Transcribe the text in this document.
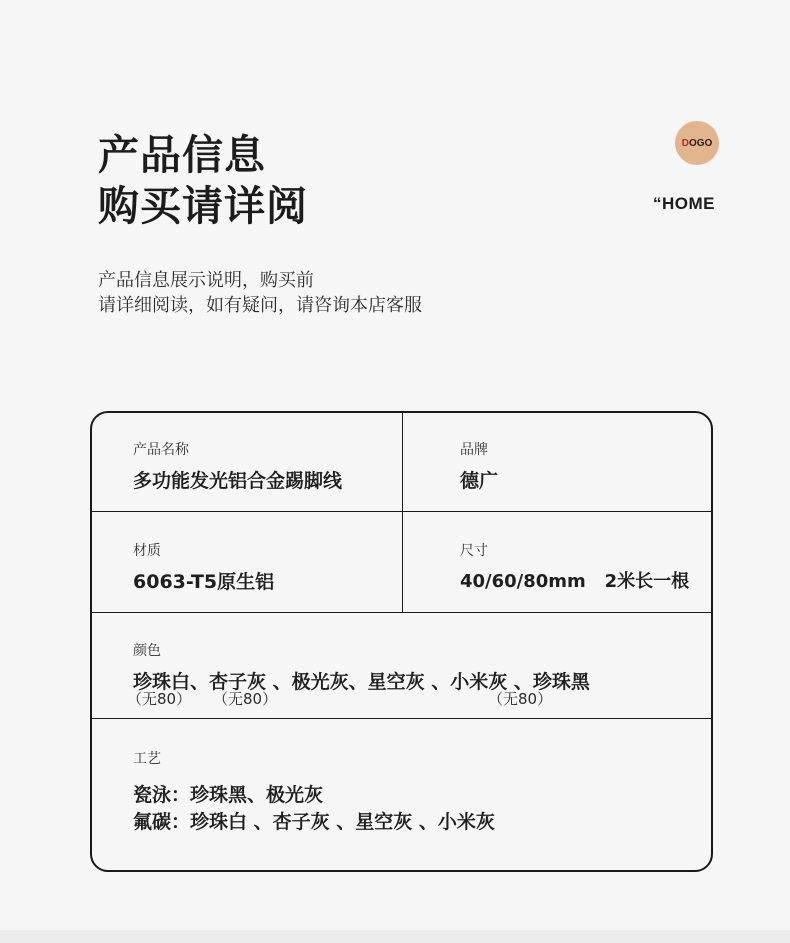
产品信息
购买请详阅
D OGO
“HOME
产品信息展示说明，购买前
请详细阅读，如有疑问，请咨询本店客服
产品名称
多功能发光铝合金踢脚线
品牌
德广
材质
6063-T5原生铝
尺寸
40/60/80mm   2米长一根
颜色
珍珠白、杏子灰 、极光灰、星空灰 、小米灰 、珍珠黑
（无80） （无80）	（无80）
工艺
瓷泳：珍珠黑、极光灰
氟碳：珍珠白 、杏子灰 、星空灰 、小米灰
